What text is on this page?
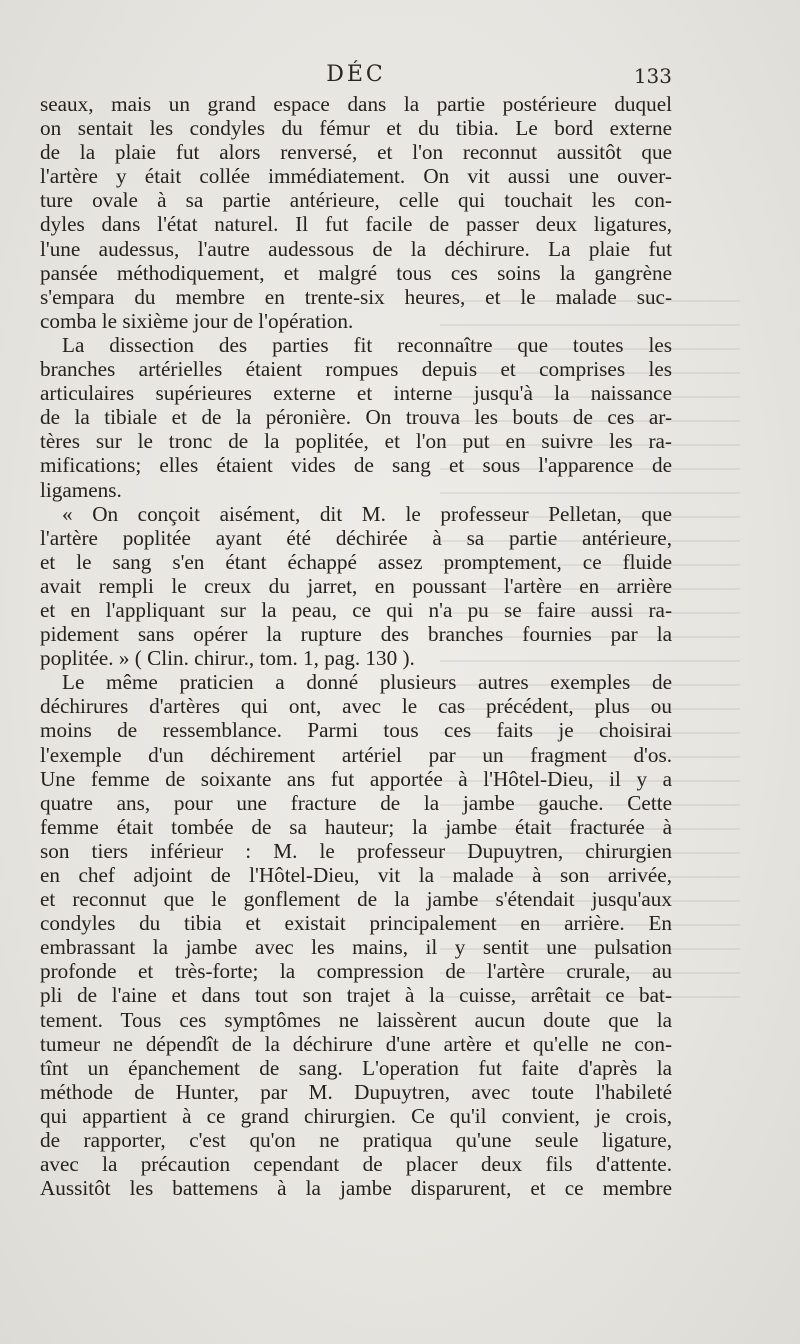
DÉC	133

seaux, mais un grand espace dans la partie postérieure duquel

on sentait les condyles du fémur et du tibia. Le bord externe

de la plaie fut alors renversé, et l'on reconnut aussitôt que

l'artère y était collée immédiatement. On vit aussi une ouver-

ture ovale à sa partie antérieure, celle qui touchait les con-

dyles dans l'état naturel. Il fut facile de passer deux ligatures,

l'une audessus, l'autre audessous de la déchirure. La plaie fut

pansée méthodiquement, et malgré tous ces soins la gangrène

s'empara du membre en trente-six heures, et le malade suc-

comba le sixième jour de l'opération.

La dissection des parties fit reconnaître que toutes les

branches artérielles étaient rompues depuis et comprises les

articulaires supérieures externe et interne jusqu'à la naissance

de la tibiale et de la péronière. On trouva les bouts de ces ar-

tères sur le tronc de la poplitée, et l'on put en suivre les ra-

mifications; elles étaient vides de sang et sous l'apparence de

ligamens.

« On conçoit aisément, dit M. le professeur Pelletan, que

l'artère poplitée ayant été déchirée à sa partie antérieure,

et le sang s'en étant échappé assez promptement, ce fluide

avait rempli le creux du jarret, en poussant l'artère en arrière

et en l'appliquant sur la peau, ce qui n'a pu se faire aussi ra-

pidement sans opérer la rupture des branches fournies par la

poplitée. » ( Clin. chirur., tom. 1, pag. 130 ).

Le même praticien a donné plusieurs autres exemples de

déchirures d'artères qui ont, avec le cas précédent, plus ou

moins de ressemblance. Parmi tous ces faits je choisirai

l'exemple d'un déchirement artériel par un fragment d'os.

Une femme de soixante ans fut apportée à l'Hôtel-Dieu, il y a

quatre ans, pour une fracture de la jambe gauche. Cette

femme était tombée de sa hauteur; la jambe était fracturée à

son tiers inférieur : M. le professeur Dupuytren, chirurgien

en chef adjoint de l'Hôtel-Dieu, vit la malade à son arrivée,

et reconnut que le gonflement de la jambe s'étendait jusqu'aux

condyles du tibia et existait principalement en arrière. En

embrassant la jambe avec les mains, il y sentit une pulsation

profonde et très-forte; la compression de l'artère crurale, au

pli de l'aine et dans tout son trajet à la cuisse, arrêtait ce bat-

tement. Tous ces symptômes ne laissèrent aucun doute que la

tumeur ne dépendît de la déchirure d'une artère et qu'elle ne con-

tînt un épanchement de sang. L'operation fut faite d'après la

méthode de Hunter, par M. Dupuytren, avec toute l'habileté

qui appartient à ce grand chirurgien. Ce qu'il convient, je crois,

de rapporter, c'est qu'on ne pratiqua qu'une seule ligature,

avec la précaution cependant de placer deux fils d'attente.

Aussitôt les battemens à la jambe disparurent, et ce membre
